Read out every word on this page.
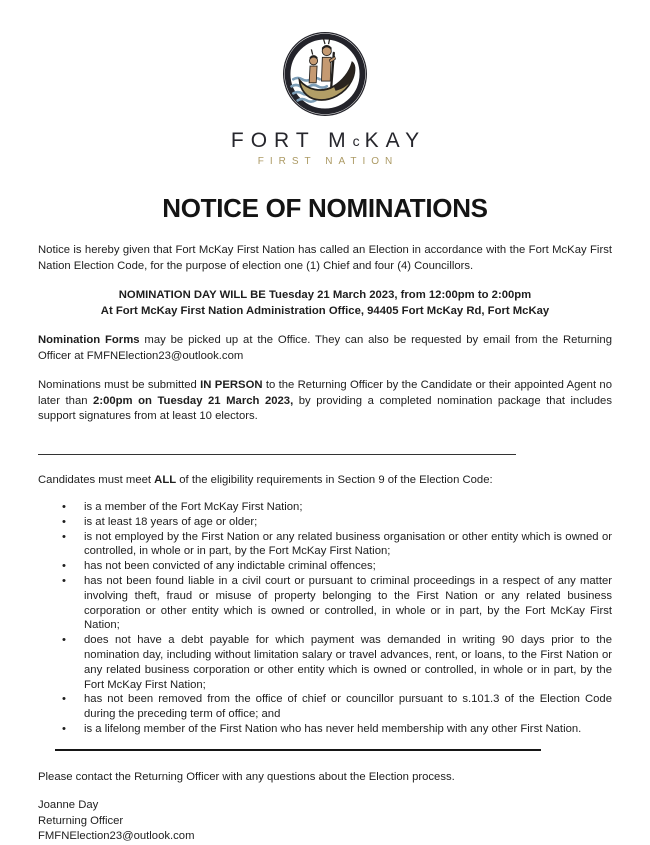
FORT McKAY
FIRST NATION
NOTICE OF NOMINATIONS

Notice is hereby given that Fort McKay First Nation has called an Election in accordance with the Fort McKay First Nation Election Code, for the purpose of election one (1) Chief and four (4) Councillors.

NOMINATION DAY WILL BE Tuesday 21 March 2023, from 12:00pm to 2:00pm
At Fort McKay First Nation Administration Office, 94405 Fort McKay Rd, Fort McKay

Nomination Forms may be picked up at the Office. They can also be requested by email from the Returning Officer at FMFNElection23@outlook.com

Nominations must be submitted IN PERSON to the Returning Officer by the Candidate or their appointed Agent no later than 2:00pm on Tuesday 21 March 2023, by providing a completed nomination package that includes support signatures from at least 10 electors.

Candidates must meet ALL of the eligibility requirements in Section 9 of the Election Code:

•
is a member of the Fort McKay First Nation;
•
is at least 18 years of age or older;
•
is not employed by the First Nation or any related business organisation or other entity which is owned or controlled, in whole or in part, by the Fort McKay First Nation;
•
has not been convicted of any indictable criminal offences;
•
has not been found liable in a civil court or pursuant to criminal proceedings in a respect of any matter involving theft, fraud or misuse of property belonging to the First Nation or any related business corporation or other entity which is owned or controlled, in whole or in part, by the Fort McKay First Nation;
•
does not have a debt payable for which payment was demanded in writing 90 days prior to the nomination day, including without limitation salary or travel advances, rent, or loans, to the First Nation or any related business corporation or other entity which is owned or controlled, in whole or in part, by the Fort McKay First Nation;
•
has not been removed from the office of chief or councillor pursuant to s.101.3 of the Election Code during the preceding term of office; and
•
is a lifelong member of the First Nation who has never held membership with any other First Nation.

Please contact the Returning Officer with any questions about the Election process.

Joanne Day
Returning Officer
FMFNElection23@outlook.com
